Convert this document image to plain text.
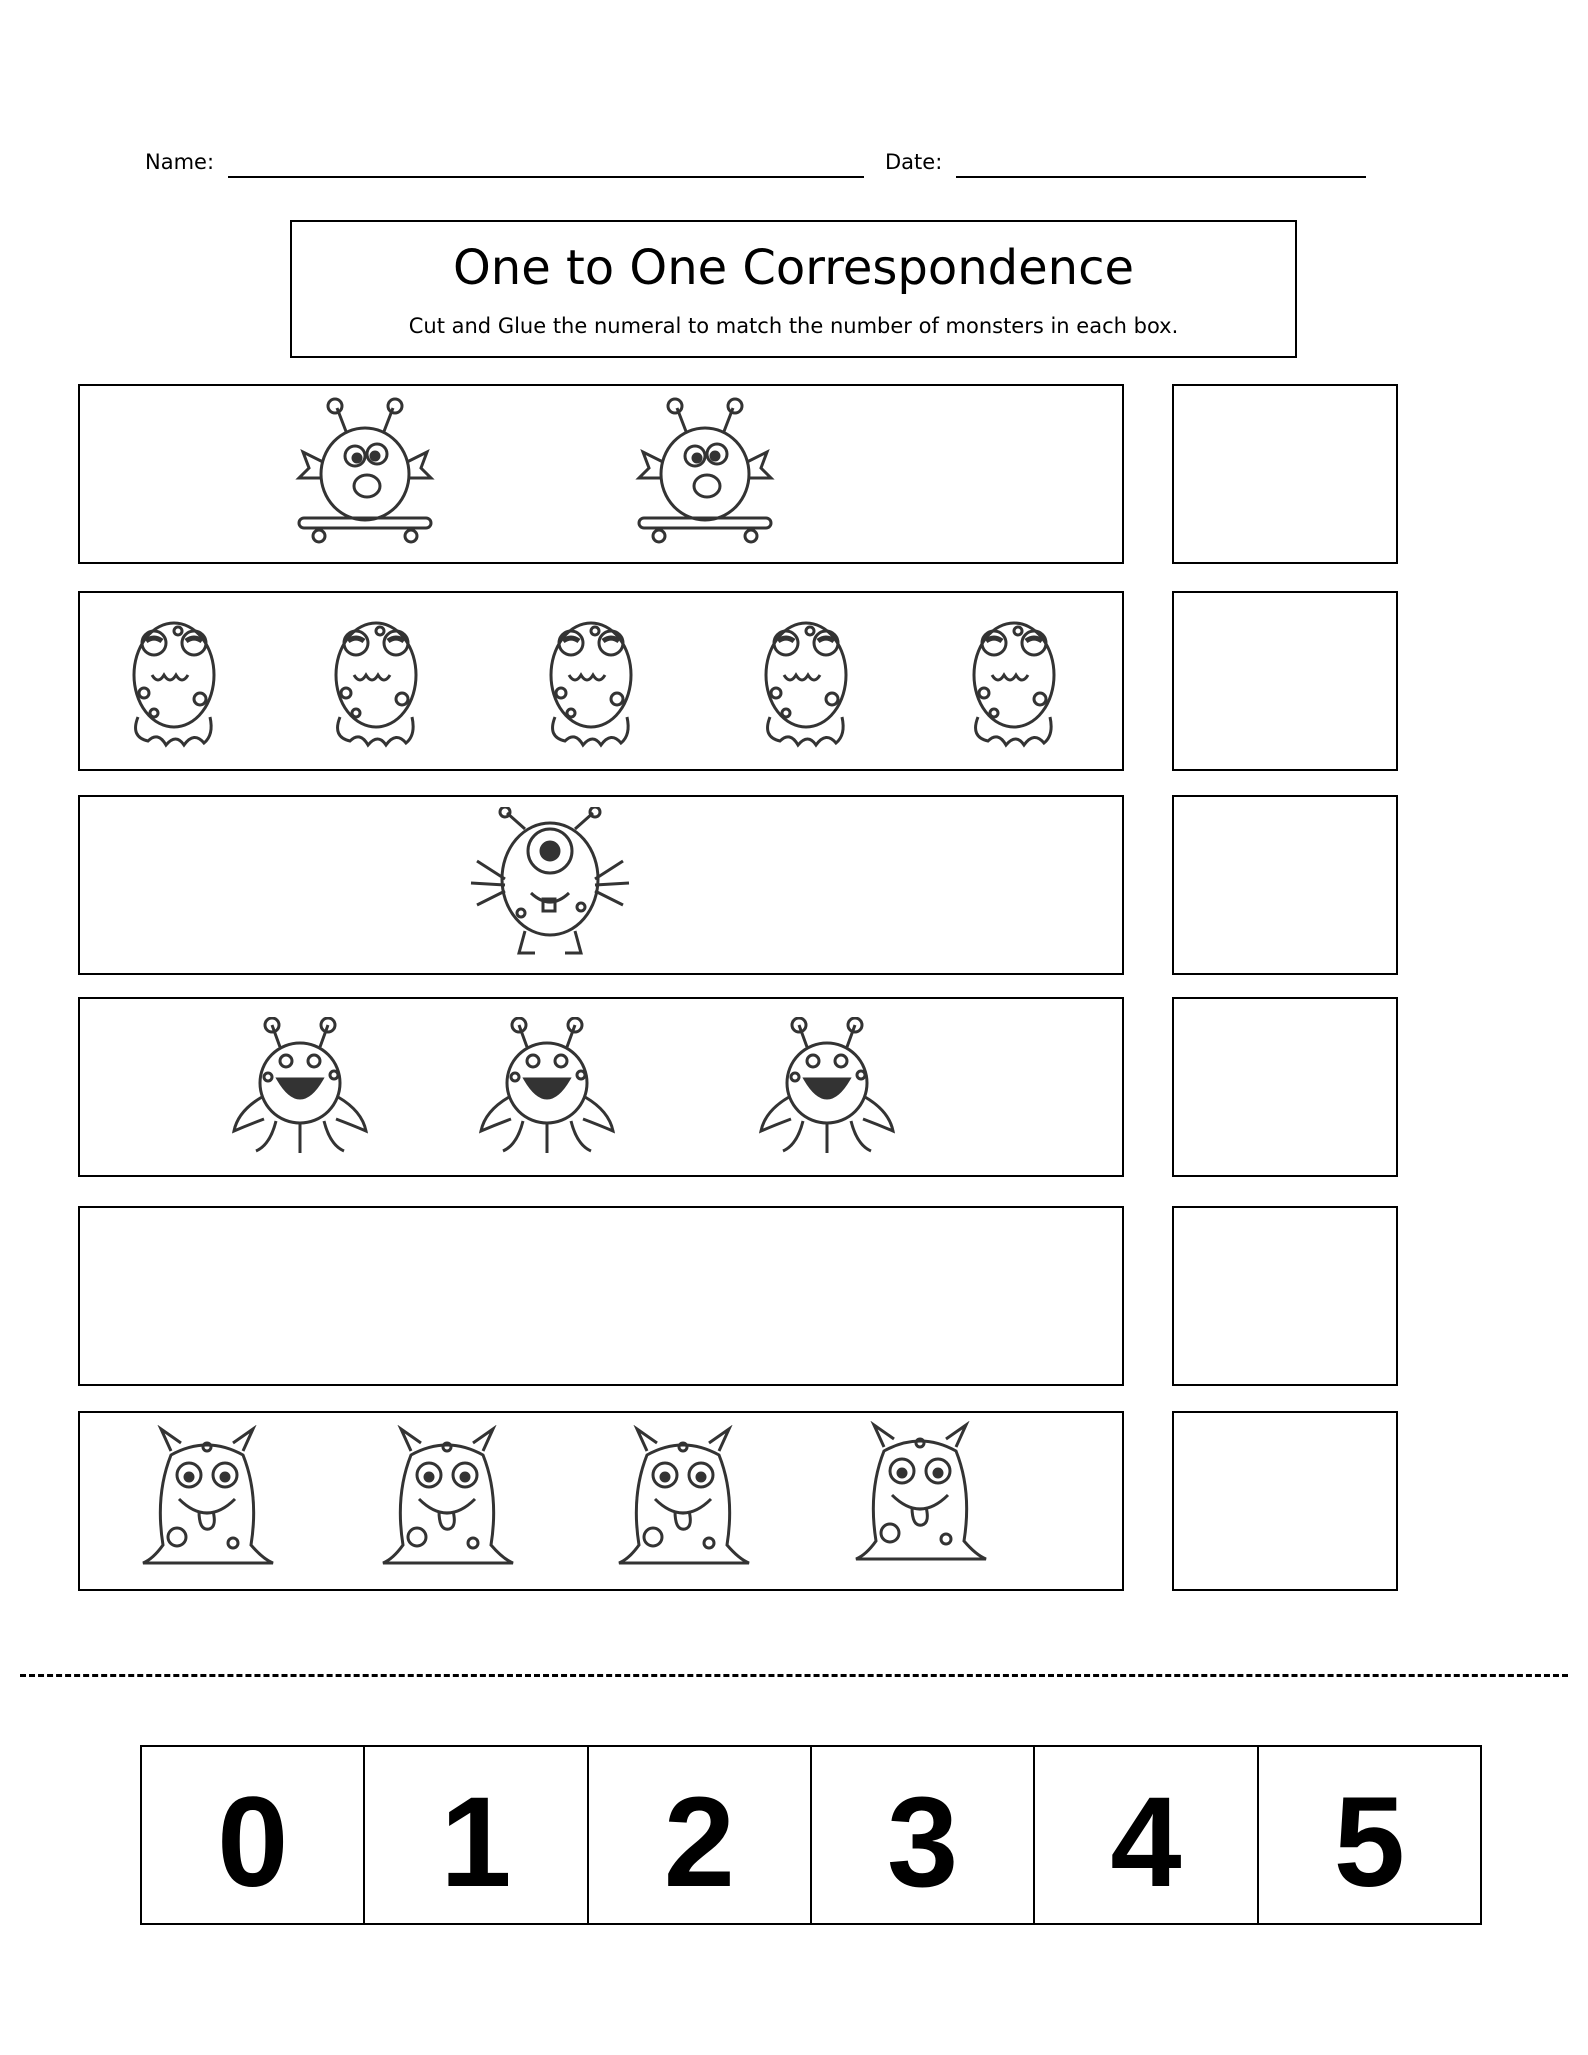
Name:	Date:
One to One Correspondence
Cut and Glue the numeral to match the number of monsters in each box.
0	1	2	3	4	5
